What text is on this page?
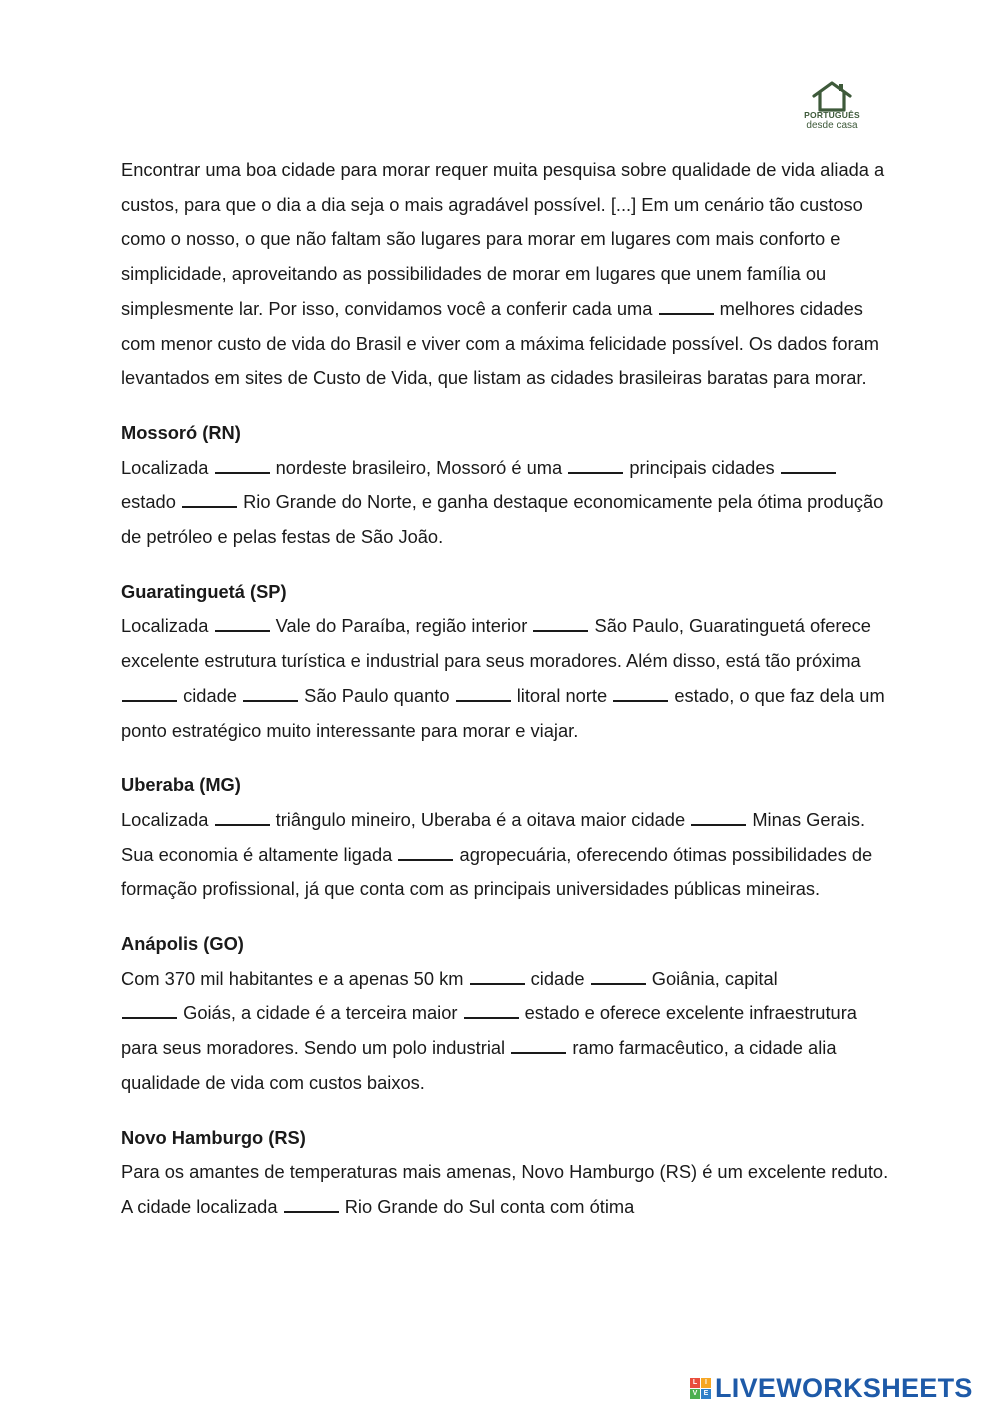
PORTUGUÊS
desde casa

Encontrar uma boa cidade para morar requer muita pesquisa sobre qualidade de vida aliada a custos, para que o dia a dia seja o mais agradável possível. [...] Em um cenário tão custoso como o nosso, o que não faltam são lugares para morar em lugares com mais conforto e simplicidade, aproveitando as possibilidades de morar em lugares que unem família ou simplesmente lar. Por isso, convidamos você a conferir cada uma	melhores cidades com menor custo de vida do Brasil e viver com a máxima felicidade possível. Os dados foram levantados em sites de Custo de Vida, que listam as cidades brasileiras baratas para morar.

Mossoró (RN)

Localizada	nordeste brasileiro, Mossoró é uma	principais cidades  estado	Rio Grande do Norte, e ganha destaque economicamente pela ótima produção de petróleo e pelas festas de São João.

Guaratinguetá (SP)

Localizada	Vale do Paraíba, região interior	São Paulo, Guaratinguetá oferece excelente estrutura turística e industrial para seus moradores. Além disso, está tão próxima  cidade	São Paulo quanto	litoral norte	estado, o que faz dela um ponto estratégico muito interessante para morar e viajar.

Uberaba (MG)

Localizada	triângulo mineiro, Uberaba é a oitava maior cidade	Minas Gerais. Sua economia é altamente ligada	agropecuária, oferecendo ótimas possibilidades de formação profissional, já que conta com as principais universidades públicas mineiras.

Anápolis (GO)

Com 370 mil habitantes e a apenas 50 km	cidade	Goiânia, capital
Goiás, a cidade é a terceira maior	estado e oferece excelente infraestrutura para seus moradores. Sendo um polo industrial	ramo farmacêutico, a cidade alia qualidade de vida com custos baixos.

Novo Hamburgo (RS)

Para os amantes de temperaturas mais amenas, Novo Hamburgo (RS) é um excelente reduto. A cidade localizada	Rio Grande do Sul conta com ótima

L	I
V E LIVEWORKSHEETS
